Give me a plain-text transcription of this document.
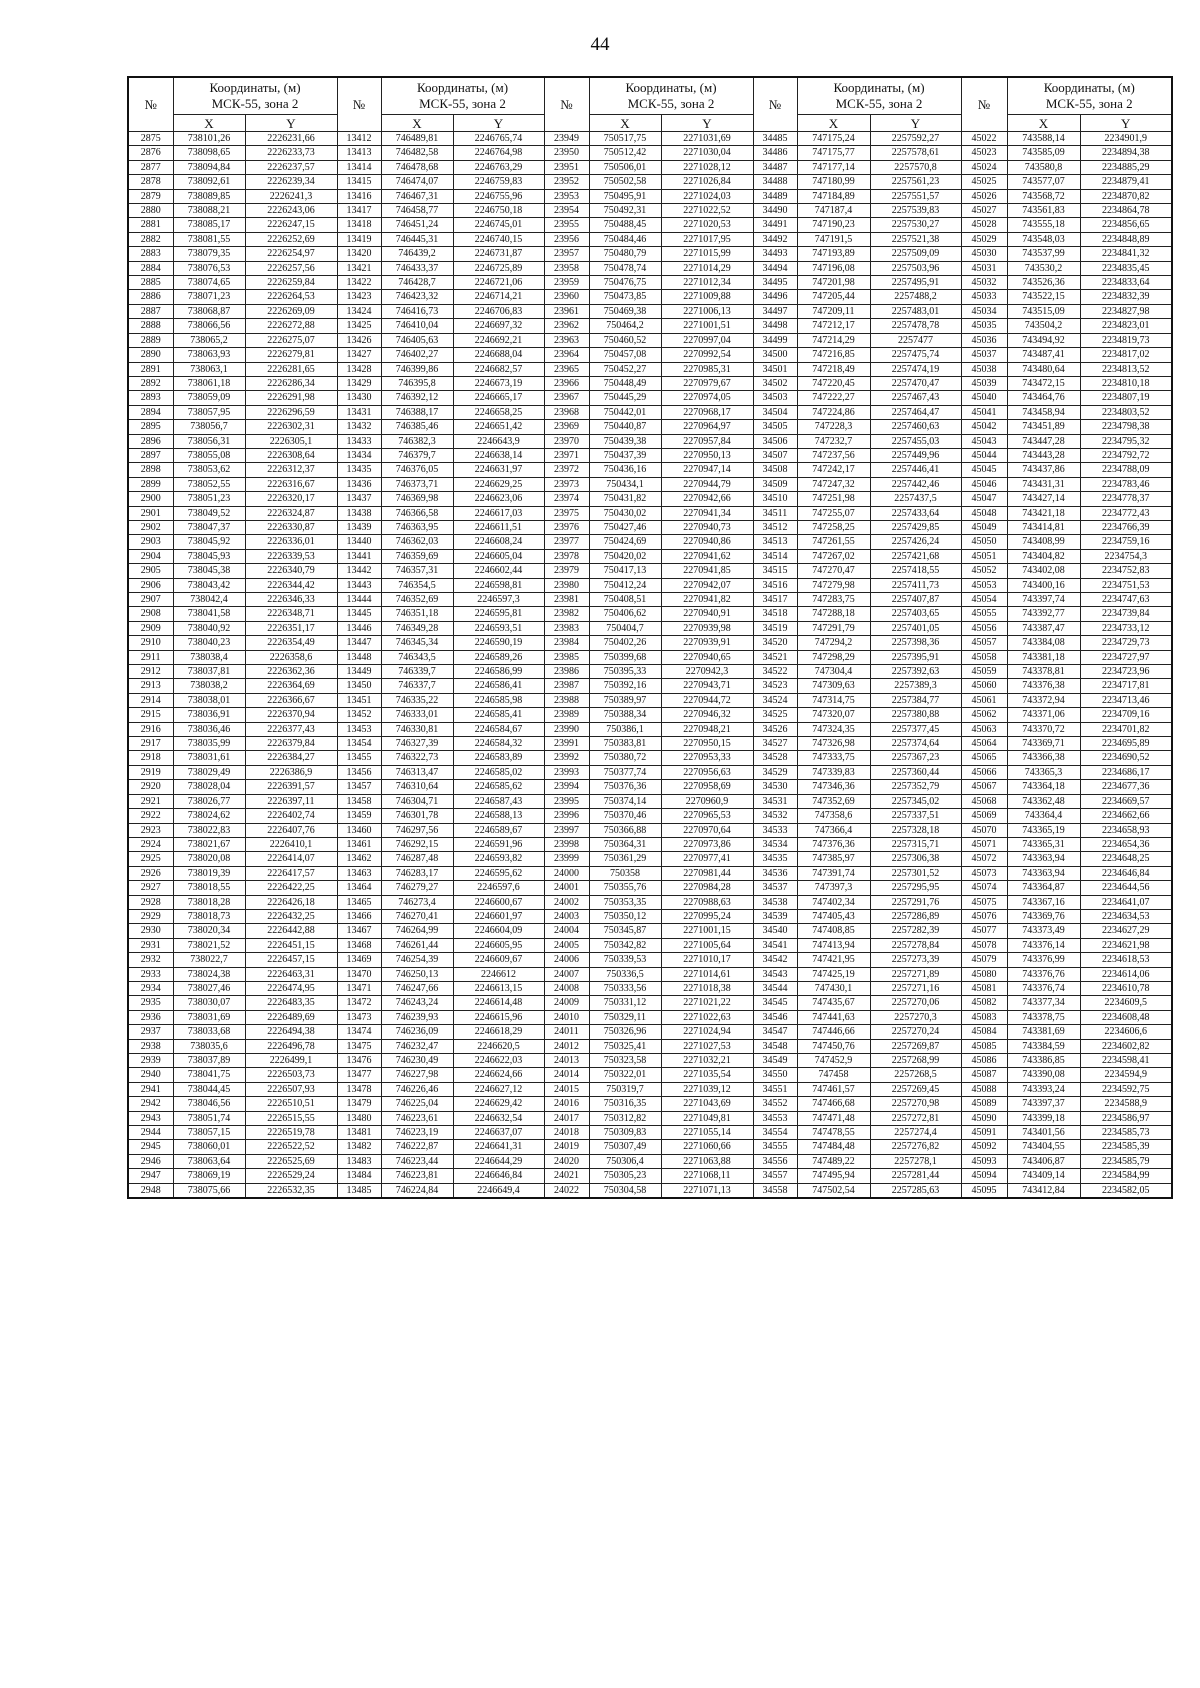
44
№	Координаты, (м)
МСК-55, зона 2		№	Координаты, (м)
МСК-55, зона 2		№	Координаты, (м)
МСК-55, зона 2		№	Координаты, (м)
МСК-55, зона 2		№	Координаты, (м)
МСК-55, зона 2	
	X	Y		X	Y		X	Y		X	Y		X	Y
2875	738101,26	2226231,66	13412	746489,81	2246765,74	23949	750517,75	2271031,69	34485	747175,24	2257592,27	45022	743588,14	2234901,9
2876	738098,65	2226233,73	13413	746482,58	2246764,98	23950	750512,42	2271030,04	34486	747175,77	2257578,61	45023	743585,09	2234894,38
2877	738094,84	2226237,57	13414	746478,68	2246763,29	23951	750506,01	2271028,12	34487	747177,14	2257570,8	45024	743580,8	2234885,29
2878	738092,61	2226239,34	13415	746474,07	2246759,83	23952	750502,58	2271026,84	34488	747180,99	2257561,23	45025	743577,07	2234879,41
2879	738089,85	2226241,3	13416	746467,31	2246755,96	23953	750495,91	2271024,03	34489	747184,89	2257551,57	45026	743568,72	2234870,82
2880	738088,21	2226243,06	13417	746458,77	2246750,18	23954	750492,31	2271022,52	34490	747187,4	2257539,83	45027	743561,83	2234864,78
2881	738085,17	2226247,15	13418	746451,24	2246745,01	23955	750488,45	2271020,53	34491	747190,23	2257530,27	45028	743555,18	2234856,65
2882	738081,55	2226252,69	13419	746445,31	2246740,15	23956	750484,46	2271017,95	34492	747191,5	2257521,38	45029	743548,03	2234848,89
2883	738079,35	2226254,97	13420	746439,2	2246731,87	23957	750480,79	2271015,99	34493	747193,89	2257509,09	45030	743537,99	2234841,32
2884	738076,53	2226257,56	13421	746433,37	2246725,89	23958	750478,74	2271014,29	34494	747196,08	2257503,96	45031	743530,2	2234835,45
2885	738074,65	2226259,84	13422	746428,7	2246721,06	23959	750476,75	2271012,34	34495	747201,98	2257495,91	45032	743526,36	2234833,64
2886	738071,23	2226264,53	13423	746423,32	2246714,21	23960	750473,85	2271009,88	34496	747205,44	2257488,2	45033	743522,15	2234832,39
2887	738068,87	2226269,09	13424	746416,73	2246706,83	23961	750469,38	2271006,13	34497	747209,11	2257483,01	45034	743515,09	2234827,98
2888	738066,56	2226272,88	13425	746410,04	2246697,32	23962	750464,2	2271001,51	34498	747212,17	2257478,78	45035	743504,2	2234823,01
2889	738065,2	2226275,07	13426	746405,63	2246692,21	23963	750460,52	2270997,04	34499	747214,29	2257477	45036	743494,92	2234819,73
2890	738063,93	2226279,81	13427	746402,27	2246688,04	23964	750457,08	2270992,54	34500	747216,85	2257475,74	45037	743487,41	2234817,02
2891	738063,1	2226281,65	13428	746399,86	2246682,57	23965	750452,27	2270985,31	34501	747218,49	2257474,19	45038	743480,64	2234813,52
2892	738061,18	2226286,34	13429	746395,8	2246673,19	23966	750448,49	2270979,67	34502	747220,45	2257470,47	45039	743472,15	2234810,18
2893	738059,09	2226291,98	13430	746392,12	2246665,17	23967	750445,29	2270974,05	34503	747222,27	2257467,43	45040	743464,76	2234807,19
2894	738057,95	2226296,59	13431	746388,17	2246658,25	23968	750442,01	2270968,17	34504	747224,86	2257464,47	45041	743458,94	2234803,52
2895	738056,7	2226302,31	13432	746385,46	2246651,42	23969	750440,87	2270964,97	34505	747228,3	2257460,63	45042	743451,89	2234798,38
2896	738056,31	2226305,1	13433	746382,3	2246643,9	23970	750439,38	2270957,84	34506	747232,7	2257455,03	45043	743447,28	2234795,32
2897	738055,08	2226308,64	13434	746379,7	2246638,14	23971	750437,39	2270950,13	34507	747237,56	2257449,96	45044	743443,28	2234792,72
2898	738053,62	2226312,37	13435	746376,05	2246631,97	23972	750436,16	2270947,14	34508	747242,17	2257446,41	45045	743437,86	2234788,09
2899	738052,55	2226316,67	13436	746373,71	2246629,25	23973	750434,1	2270944,79	34509	747247,32	2257442,46	45046	743431,31	2234783,46
2900	738051,23	2226320,17	13437	746369,98	2246623,06	23974	750431,82	2270942,66	34510	747251,98	2257437,5	45047	743427,14	2234778,37
2901	738049,52	2226324,87	13438	746366,58	2246617,03	23975	750430,02	2270941,34	34511	747255,07	2257433,64	45048	743421,18	2234772,43
2902	738047,37	2226330,87	13439	746363,95	2246611,51	23976	750427,46	2270940,73	34512	747258,25	2257429,85	45049	743414,81	2234766,39
2903	738045,92	2226336,01	13440	746362,03	2246608,24	23977	750424,69	2270940,86	34513	747261,55	2257426,24	45050	743408,99	2234759,16
2904	738045,93	2226339,53	13441	746359,69	2246605,04	23978	750420,02	2270941,62	34514	747267,02	2257421,68	45051	743404,82	2234754,3
2905	738045,38	2226340,79	13442	746357,31	2246602,44	23979	750417,13	2270941,85	34515	747270,47	2257418,55	45052	743402,08	2234752,83
2906	738043,42	2226344,42	13443	746354,5	2246598,81	23980	750412,24	2270942,07	34516	747279,98	2257411,73	45053	743400,16	2234751,53
2907	738042,4	2226346,33	13444	746352,69	2246597,3	23981	750408,51	2270941,82	34517	747283,75	2257407,87	45054	743397,74	2234747,63
2908	738041,58	2226348,71	13445	746351,18	2246595,81	23982	750406,62	2270940,91	34518	747288,18	2257403,65	45055	743392,77	2234739,84
2909	738040,92	2226351,17	13446	746349,28	2246593,51	23983	750404,7	2270939,98	34519	747291,79	2257401,05	45056	743387,47	2234733,12
2910	738040,23	2226354,49	13447	746345,34	2246590,19	23984	750402,26	2270939,91	34520	747294,2	2257398,36	45057	743384,08	2234729,73
2911	738038,4	2226358,6	13448	746343,5	2246589,26	23985	750399,68	2270940,65	34521	747298,29	2257395,91	45058	743381,18	2234727,97
2912	738037,81	2226362,36	13449	746339,7	2246586,99	23986	750395,33	2270942,3	34522	747304,4	2257392,63	45059	743378,81	2234723,96
2913	738038,2	2226364,69	13450	746337,7	2246586,41	23987	750392,16	2270943,71	34523	747309,63	2257389,3	45060	743376,38	2234717,81
2914	738038,01	2226366,67	13451	746335,22	2246585,98	23988	750389,97	2270944,72	34524	747314,75	2257384,77	45061	743372,94	2234713,46
2915	738036,91	2226370,94	13452	746333,01	2246585,41	23989	750388,34	2270946,32	34525	747320,07	2257380,88	45062	743371,06	2234709,16
2916	738036,46	2226377,43	13453	746330,81	2246584,67	23990	750386,1	2270948,21	34526	747324,35	2257377,45	45063	743370,72	2234701,82
2917	738035,99	2226379,84	13454	746327,39	2246584,32	23991	750383,81	2270950,15	34527	747326,98	2257374,64	45064	743369,71	2234695,89
2918	738031,61	2226384,27	13455	746322,73	2246583,89	23992	750380,72	2270953,33	34528	747333,75	2257367,23	45065	743366,38	2234690,52
2919	738029,49	2226386,9	13456	746313,47	2246585,02	23993	750377,74	2270956,63	34529	747339,83	2257360,44	45066	743365,3	2234686,17
2920	738028,04	2226391,57	13457	746310,64	2246585,62	23994	750376,36	2270958,69	34530	747346,36	2257352,79	45067	743364,18	2234677,36
2921	738026,77	2226397,11	13458	746304,71	2246587,43	23995	750374,14	2270960,9	34531	747352,69	2257345,02	45068	743362,48	2234669,57
2922	738024,62	2226402,74	13459	746301,78	2246588,13	23996	750370,46	2270965,53	34532	747358,6	2257337,51	45069	743364,4	2234662,66
2923	738022,83	2226407,76	13460	746297,56	2246589,67	23997	750366,88	2270970,64	34533	747366,4	2257328,18	45070	743365,19	2234658,93
2924	738021,67	2226410,1	13461	746292,15	2246591,96	23998	750364,31	2270973,86	34534	747376,36	2257315,71	45071	743365,31	2234654,36
2925	738020,08	2226414,07	13462	746287,48	2246593,82	23999	750361,29	2270977,41	34535	747385,97	2257306,38	45072	743363,94	2234648,25
2926	738019,39	2226417,57	13463	746283,17	2246595,62	24000	750358	2270981,44	34536	747391,74	2257301,52	45073	743363,94	2234646,84
2927	738018,55	2226422,25	13464	746279,27	2246597,6	24001	750355,76	2270984,28	34537	747397,3	2257295,95	45074	743364,87	2234644,56
2928	738018,28	2226426,18	13465	746273,4	2246600,67	24002	750353,35	2270988,63	34538	747402,34	2257291,76	45075	743367,16	2234641,07
2929	738018,73	2226432,25	13466	746270,41	2246601,97	24003	750350,12	2270995,24	34539	747405,43	2257286,89	45076	743369,76	2234634,53
2930	738020,34	2226442,88	13467	746264,99	2246604,09	24004	750345,87	2271001,15	34540	747408,85	2257282,39	45077	743373,49	2234627,29
2931	738021,52	2226451,15	13468	746261,44	2246605,95	24005	750342,82	2271005,64	34541	747413,94	2257278,84	45078	743376,14	2234621,98
2932	738022,7	2226457,15	13469	746254,39	2246609,67	24006	750339,53	2271010,17	34542	747421,95	2257273,39	45079	743376,99	2234618,53
2933	738024,38	2226463,31	13470	746250,13	2246612	24007	750336,5	2271014,61	34543	747425,19	2257271,89	45080	743376,76	2234614,06
2934	738027,46	2226474,95	13471	746247,66	2246613,15	24008	750333,56	2271018,38	34544	747430,1	2257271,16	45081	743376,74	2234610,78
2935	738030,07	2226483,35	13472	746243,24	2246614,48	24009	750331,12	2271021,22	34545	747435,67	2257270,06	45082	743377,34	2234609,5
2936	738031,69	2226489,69	13473	746239,93	2246615,96	24010	750329,11	2271022,63	34546	747441,63	2257270,3	45083	743378,75	2234608,48
2937	738033,68	2226494,38	13474	746236,09	2246618,29	24011	750326,96	2271024,94	34547	747446,66	2257270,24	45084	743381,69	2234606,6
2938	738035,6	2226496,78	13475	746232,47	2246620,5	24012	750325,41	2271027,53	34548	747450,76	2257269,87	45085	743384,59	2234602,82
2939	738037,89	2226499,1	13476	746230,49	2246622,03	24013	750323,58	2271032,21	34549	747452,9	2257268,99	45086	743386,85	2234598,41
2940	738041,75	2226503,73	13477	746227,98	2246624,66	24014	750322,01	2271035,54	34550	747458	2257268,5	45087	743390,08	2234594,9
2941	738044,45	2226507,93	13478	746226,46	2246627,12	24015	750319,7	2271039,12	34551	747461,57	2257269,45	45088	743393,24	2234592,75
2942	738046,56	2226510,51	13479	746225,04	2246629,42	24016	750316,35	2271043,69	34552	747466,68	2257270,98	45089	743397,37	2234588,9
2943	738051,74	2226515,55	13480	746223,61	2246632,54	24017	750312,82	2271049,81	34553	747471,48	2257272,81	45090	743399,18	2234586,97
2944	738057,15	2226519,78	13481	746223,19	2246637,07	24018	750309,83	2271055,14	34554	747478,55	2257274,4	45091	743401,56	2234585,73
2945	738060,01	2226522,52	13482	746222,87	2246641,31	24019	750307,49	2271060,66	34555	747484,48	2257276,82	45092	743404,55	2234585,39
2946	738063,64	2226525,69	13483	746223,44	2246644,29	24020	750306,4	2271063,88	34556	747489,22	2257278,1	45093	743406,87	2234585,79
2947	738069,19	2226529,24	13484	746223,81	2246646,84	24021	750305,23	2271068,11	34557	747495,94	2257281,44	45094	743409,14	2234584,99
2948	738075,66	2226532,35	13485	746224,84	2246649,4	24022	750304,58	2271071,13	34558	747502,54	2257285,63	45095	743412,84	2234582,05
